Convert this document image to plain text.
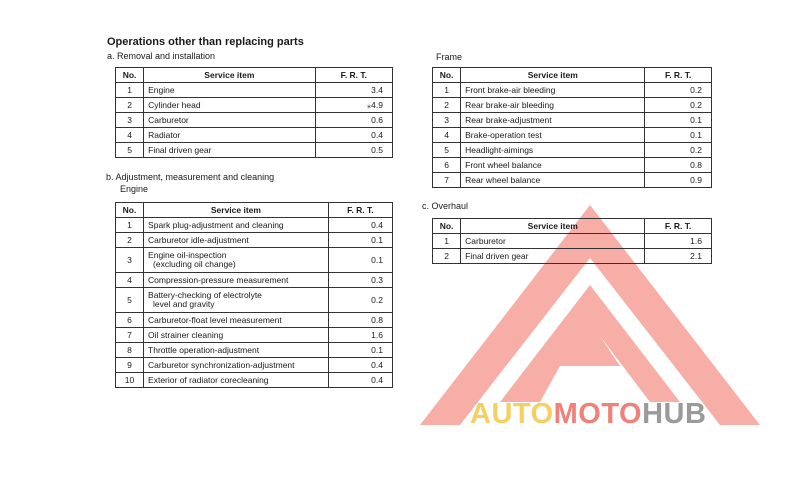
Operations other than replacing parts
a. Removal and installation
b. Adjustment, measurement and cleaning
Engine
Frame
c. Overhaul
No.	Service item	F. R. T.
1	Engine	3.4
2	Cylinder head	⁎4.9
3	Carburetor	0.6
4	Radiator	0.4
5	Final driven gear	0.5
No.	Service item	F. R. T.
1	Spark plug-adjustment and cleaning	0.4
2	Carburetor idle-adjustment	0.1
3	Engine oil-inspection
(excluding oil change)	0.1
4	Compression-pressure measurement	0.3
5	Battery-checking of electrolyte
level and gravity	0.2
6	Carburetor-float level measurement	0.8
7	Oil strainer cleaning	1.6
8	Throttle operation-adjustment	0.1
9	Carburetor synchronization-adjustment	0.4
10	Exterior of radiator corecleaning	0.4
No.	Service item	F. R. T.
1	Front brake-air bleeding	0.2
2	Rear brake-air bleeding	0.2
3	Rear brake-adjustment	0.1
4	Brake-operation test	0.1
5	Headlight-aimings	0.2
6	Front wheel balance	0.8
7	Rear wheel balance	0.9
No.	Service item	F. R. T.
1	Carburetor	1.6
2	Final driven gear	2.1
AUTOMOTOHUB
